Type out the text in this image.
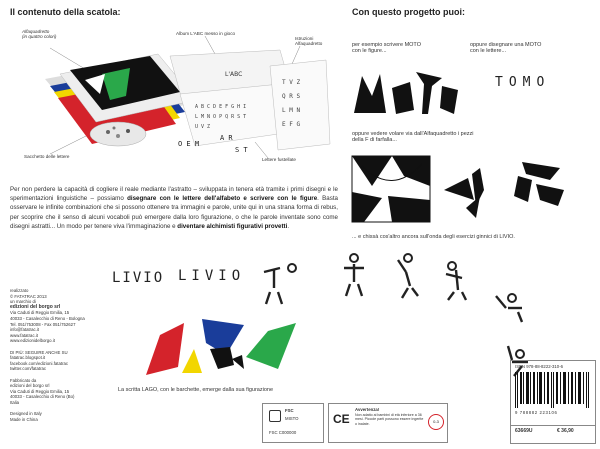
Il contenuto della scatola:	Con questo progetto puoi:
Alfaquadretto
(in quattro colori)
Album L'ABC messo in gioco
Istruzioni
Alfaquadretto
Sacchetto delle lettere
Lettere fustellate
L'ABC
A B C D E F G H I
L M N O P Q R S T
U V Z
T V Z
Q R S
L M N
E F G
O E M
A R
S T
per esempio scrivere MOTO
con le figure...
oppure disegnare una MOTO
con le lettere...
oppure vedere volare via dall'Alfaquadretto i pezzi
della F di farfalla...
... e chissà cos'altro ancora sull'onda degli esercizi ginnici di LIVIO.
TOMO
Per non perdere la capacità di cogliere il reale mediante l'astratto – sviluppata in tenera età tramite i primi disegni e le sperimentazioni linguistiche – possiamo disegnare con le lettere dell'alfabeto e scrivere con le figure. Basta osservare le infinite combinazioni che si possono ottenere tra immagini e parole, unite qui in una strana forma di rebus, per scoprire che il senso di alcuni vocaboli può emergere dalla loro figurazione, o che le parole inventate sono come disegni astratti... Un modo per tenere viva l'immaginazione e diventare alchimisti figurativi provetti.
LIVIO LIVIO
realizzato
© FATATRAC 2013
un marchio di
edizioni del borgo srl
Via Caduti di Reggio Emilia, 15
40033 - Casalecchio di Reno - Bologna
Tel. 051/753008 - Fax 051/752627
info@fatatrac.it
www.fatatrac.it
www.edizionidelborgo.it

DI PIÙ: SEGUIRE ANCHE SU
fatatrac.blogspot.it
facebook.com/edizioni.fatatrac
twitter.com/fatatrac

Fabbricato da
edizioni del borgo srl
Via Caduti di Reggio Emilia, 15
40033 - Casalecchio di Reno (Bo)
Italia

Designed in Italy
Made in China
La scritta LAGO, con le barchette, emerge dalla sua figurazione
FSC
MISTO
FSC C000000
CE
Avvertenza!
Non adatto ai bambini di età inferiore a 36 mesi. Piccole parti possono essere ingerite o inalate.	0-3
ISBN 978-88-8222-310-6
9 788882 223106
63669U	€ 36,90
